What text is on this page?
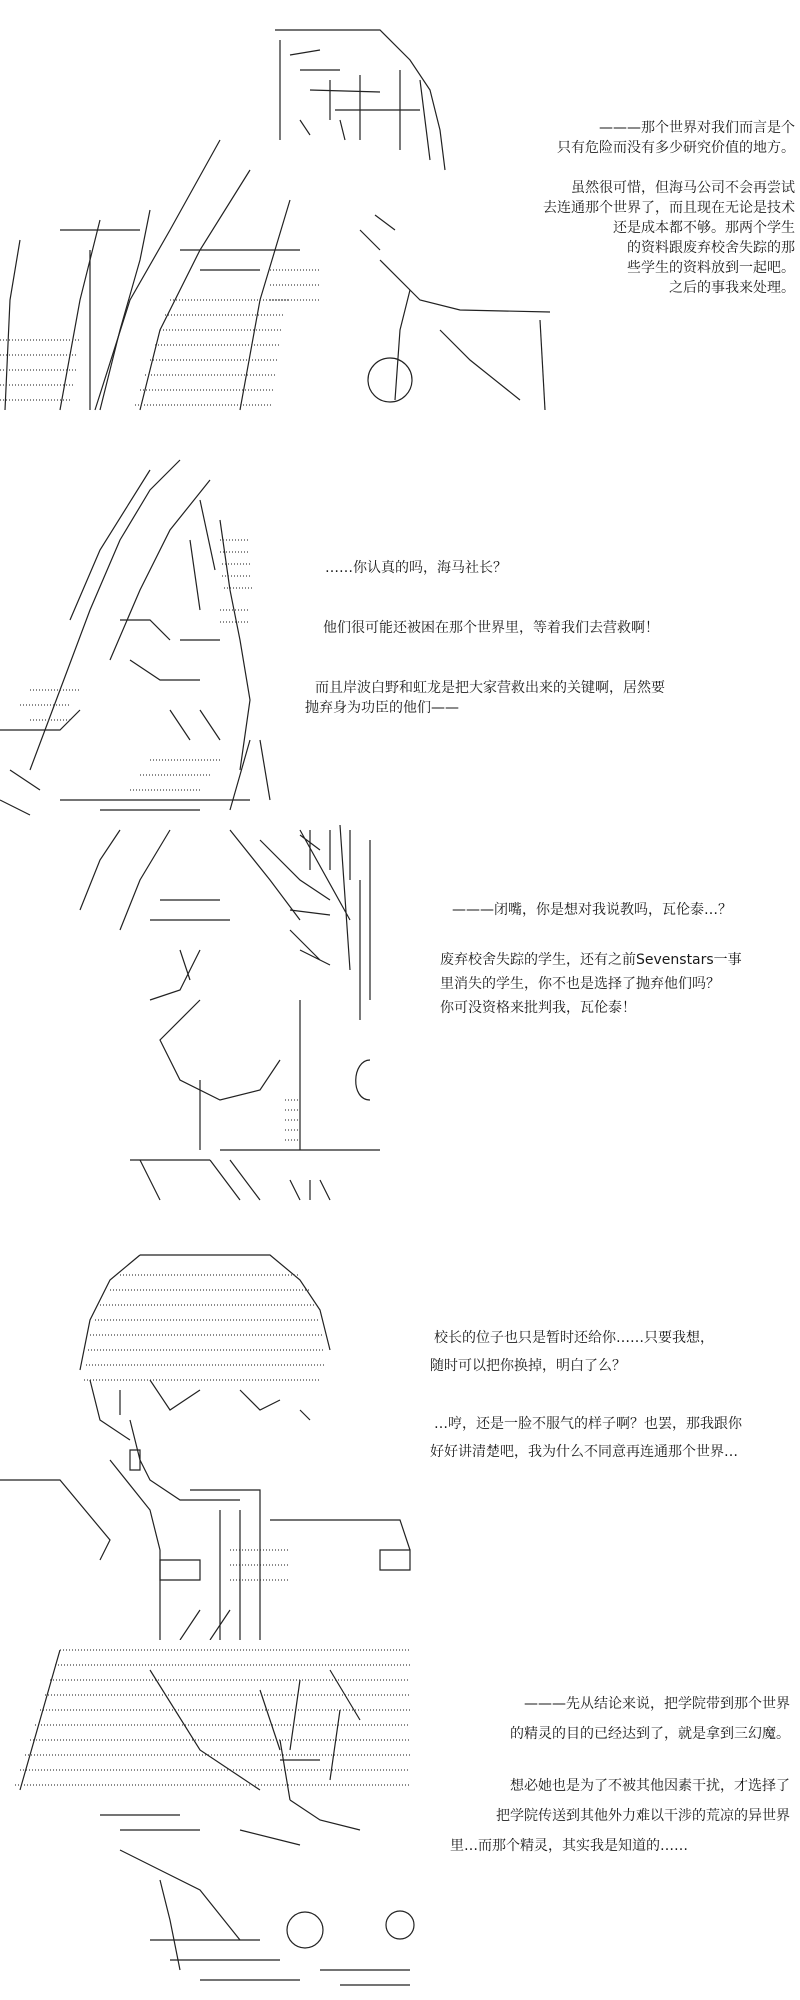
———那个世界对我们而言是个

只有危险而没有多少研究价值的地方。

虽然很可惜，但海马公司不会再尝试

去连通那个世界了，而且现在无论是技术

还是成本都不够。那两个学生

的资料跟废弃校舍失踪的那

些学生的资料放到一起吧。

之后的事我来处理。

……你认真的吗，海马社长？

他们很可能还被困在那个世界里，等着我们去营救啊！

而且岸波白野和虹龙是把大家营救出来的关键啊，居然要

抛弃身为功臣的他们——

———闭嘴，你是想对我说教吗，瓦伦泰…？

废弃校舍失踪的学生，还有之前Sevenstars一事

里消失的学生，你不也是选择了抛弃他们吗？

你可没资格来批判我，瓦伦泰！

校长的位子也只是暂时还给你……只要我想，

随时可以把你换掉，明白了么？

…哼，还是一脸不服气的样子啊？也罢，那我跟你

好好讲清楚吧，我为什么不同意再连通那个世界…

———先从结论来说，把学院带到那个世界

的精灵的目的已经达到了，就是拿到三幻魔。

想必她也是为了不被其他因素干扰，才选择了

把学院传送到其他外力难以干涉的荒凉的异世界

里…而那个精灵，其实我是知道的……
